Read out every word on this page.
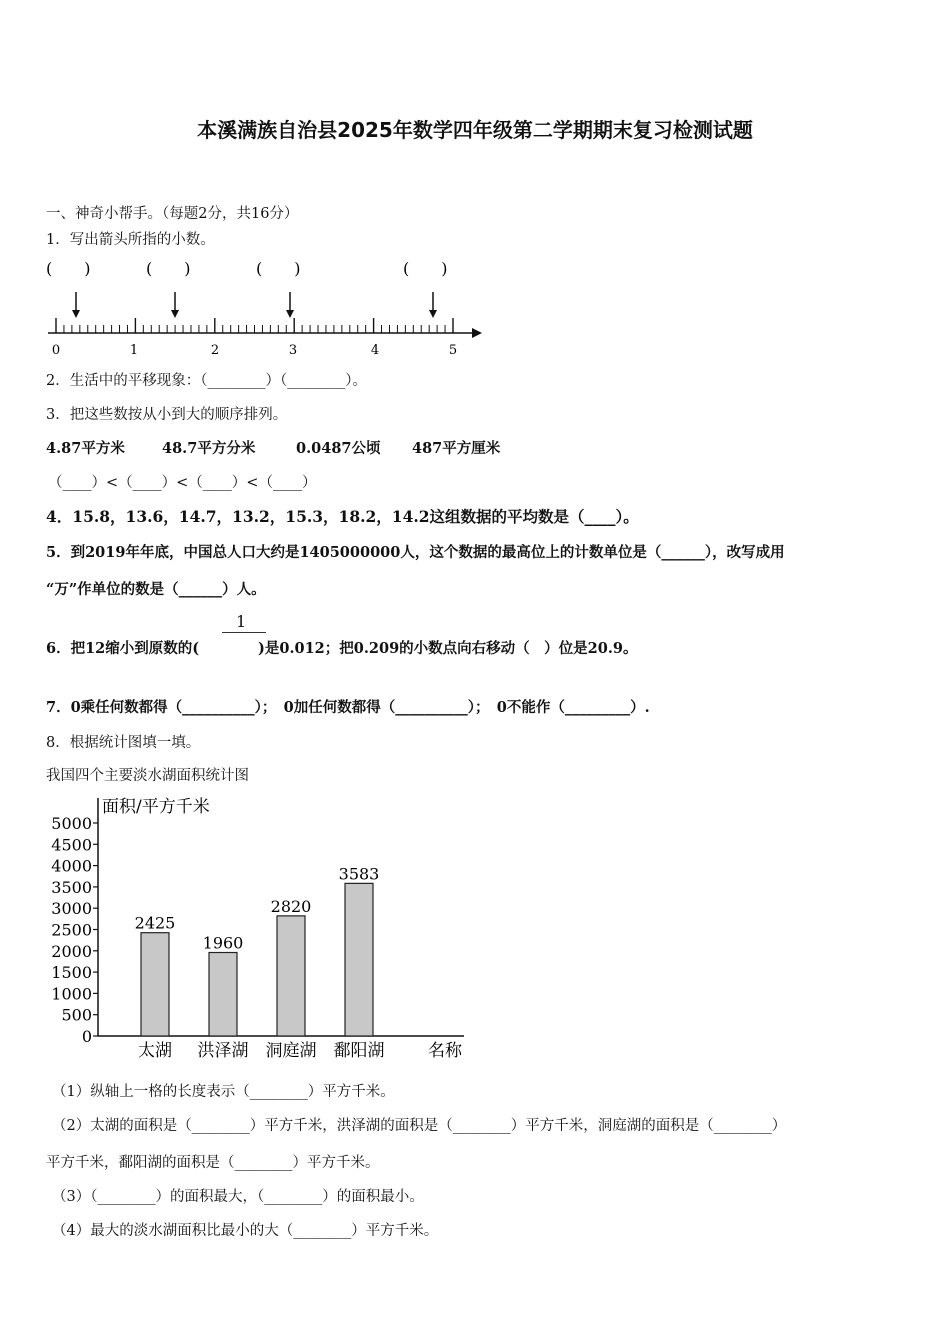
本溪满族自治县2025年数学四年级第二学期期末复习检测试题
一、神奇小帮手。（每题2分，共16分）
1．写出箭头所指的小数。
(　　)	(　　)	(　　)	(　　)
0	1	2	3	4	5
2．生活中的平移现象：（________）（________）。
3．把这些数按从小到大的顺序排列。
4.87平方米	48.7平方分米	0.0487公顷 487平方厘米
（____）<（____）<（____）<（____）
4．15.8，13.6，14.7，13.2，15.3，18.2，14.2这组数据的平均数是（____）。
5．到2019年年底，中国总人口大约是1405000000人，这个数据的最高位上的计数单位是（______），改写成用
“万”作单位的数是（______）人。
1
6．把12缩小到原数的(	)是0.012；把0.209的小数点向右移动（　）位是20.9。
7．0乘任何数都得（__________）；　0加任何数都得（__________）；　0不能作（_________）.
8．根据统计图填一填。
我国四个主要淡水湖面积统计图
面积/平方千米
名称
0
500
1000
1500
2000
2500
3000
3500
4000
4500
5000
2425
太湖
1960
洪泽湖
2820
洞庭湖
3583
鄱阳湖
（1）纵轴上一格的长度表示（________）平方千米。
（2）太湖的面积是（________）平方千米，洪泽湖的面积是（________）平方千米，洞庭湖的面积是（________）
平方千米，鄱阳湖的面积是（________）平方千米。
（3）（________）的面积最大，（________）的面积最小。
（4）最大的淡水湖面积比最小的大（________）平方千米。
